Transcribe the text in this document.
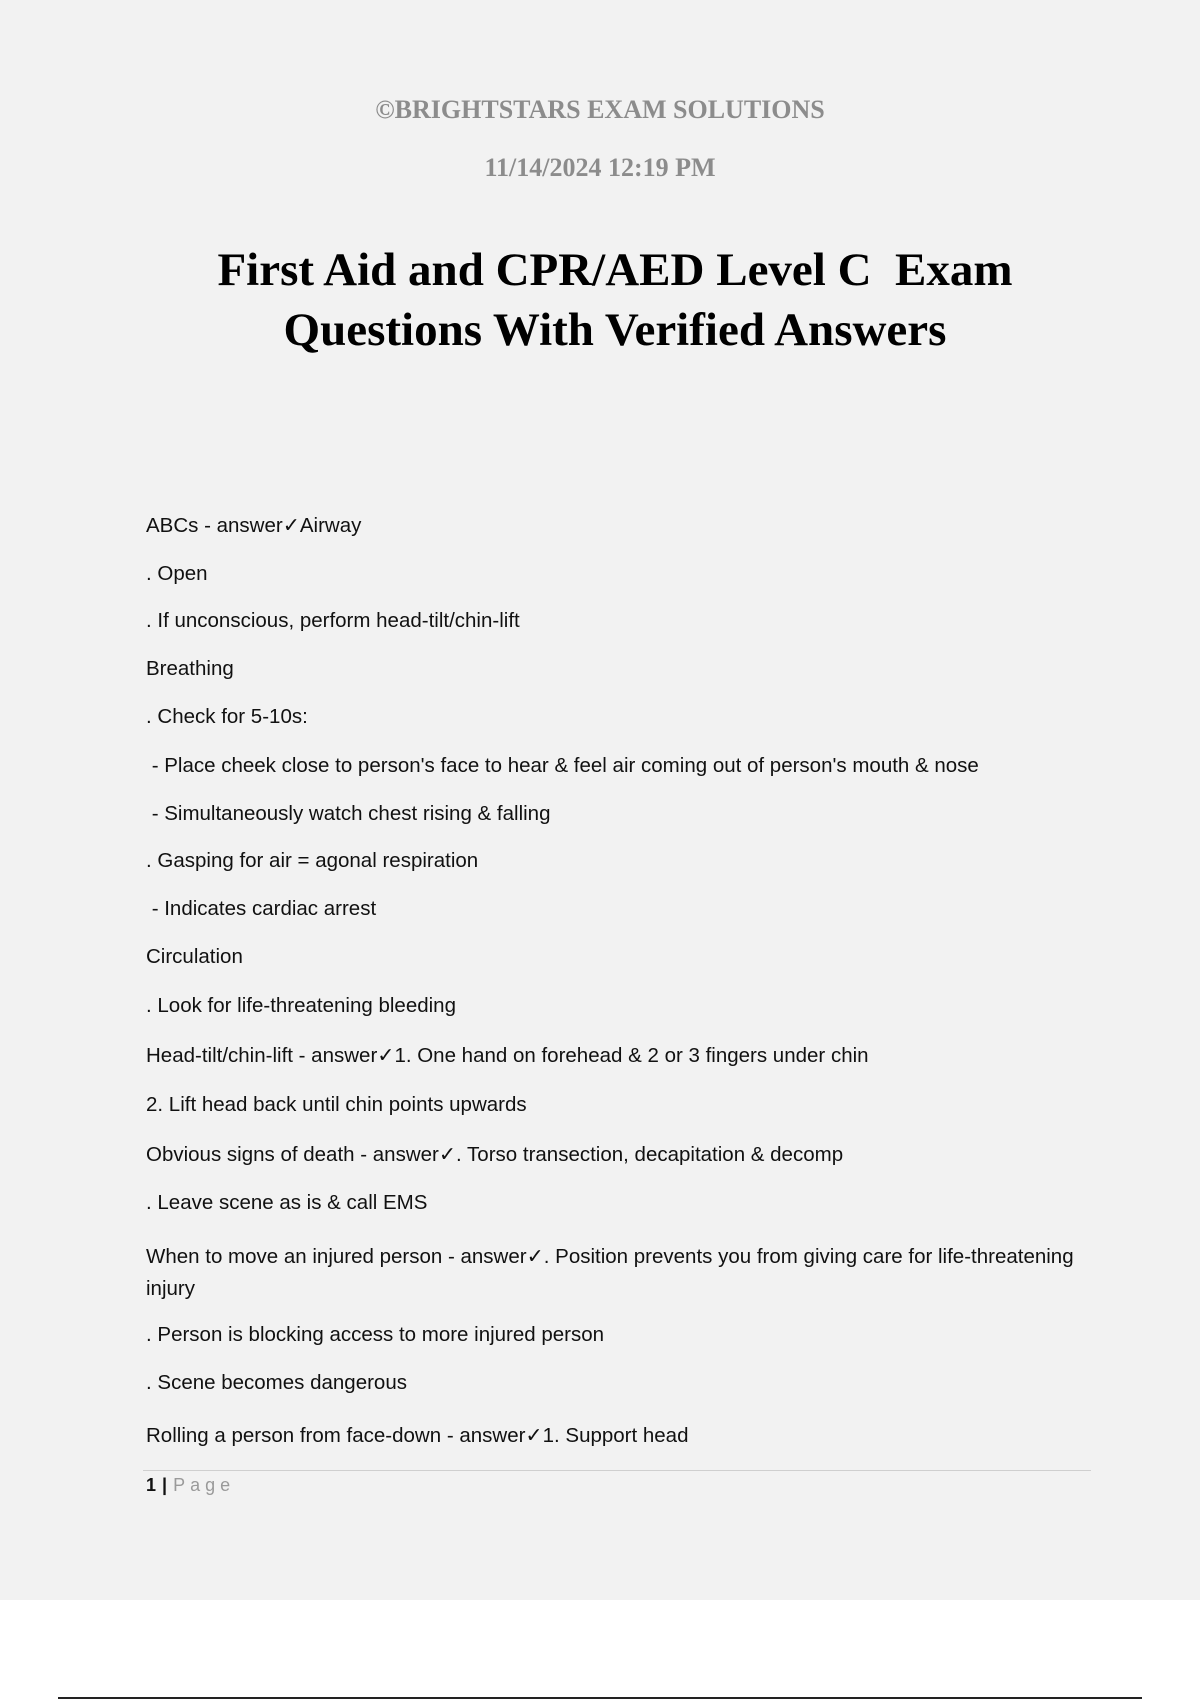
©BRIGHTSTARS EXAM SOLUTIONS
11/14/2024 12:19 PM
First Aid and CPR/AED Level C  Exam
Questions With Verified Answers
ABCs - answer✓Airway
. Open
. If unconscious, perform head-tilt/chin-lift
Breathing
. Check for 5-10s:
- Place cheek close to person's face to hear & feel air coming out of person's mouth & nose
- Simultaneously watch chest rising & falling
. Gasping for air = agonal respiration
- Indicates cardiac arrest
Circulation
. Look for life-threatening bleeding
Head-tilt/chin-lift - answer✓1. One hand on forehead & 2 or 3 fingers under chin
2. Lift head back until chin points upwards
Obvious signs of death - answer✓. Torso transection, decapitation & decomp
. Leave scene as is & call EMS
When to move an injured person - answer✓. Position prevents you from giving care for life-threatening injury
. Person is blocking access to more injured person
. Scene becomes dangerous
Rolling a person from face-down - answer✓1. Support head
1 | Page
